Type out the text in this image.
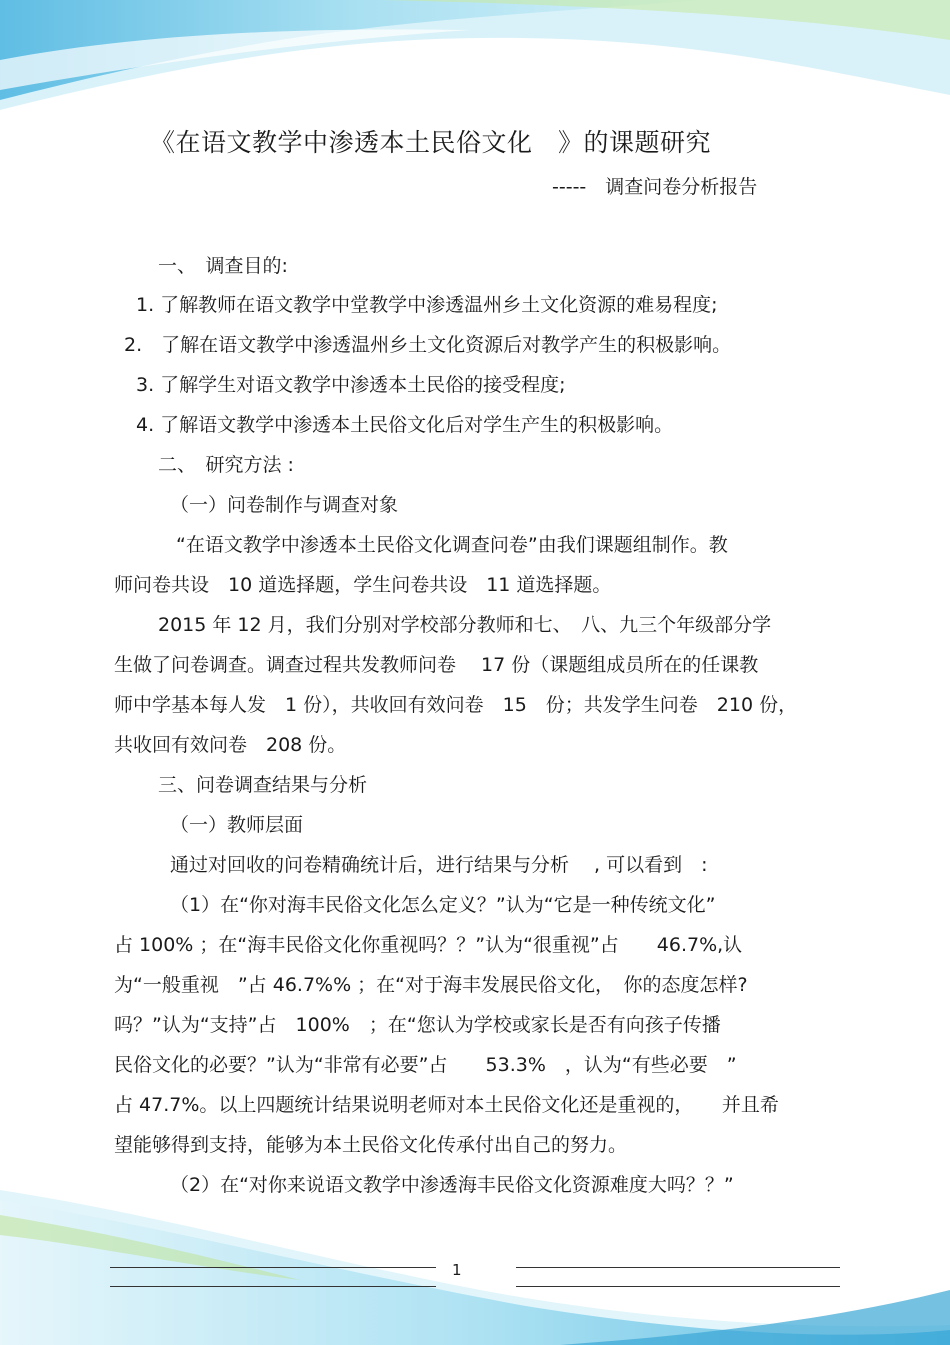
《在语文教学中渗透本土民俗文化　》的课题研究
-----　调查问卷分析报告
一、　调查目的:
1. 了解教师在语文教学中堂教学中渗透温州乡土文化资源的难易程度;
2.　了解在语文教学中渗透温州乡土文化资源后对教学产生的积极影响。
3. 了解学生对语文教学中渗透本土民俗的接受程度;
4. 了解语文教学中渗透本土民俗文化后对学生产生的积极影响。
二、　研究方法 :
（一）问卷制作与调查对象
“在语文教学中渗透本土民俗文化调查问卷”由我们课题组制作。教
师问卷共设　10 道选择题，学生问卷共设　11 道选择题。
2015 年 12 月，我们分别对学校部分教师和七、　八、九三个年级部分学
生做了问卷调查。调查过程共发教师问卷　 17 份（课题组成员所在的任课教
师中学基本每人发　1 份），共收回有效问卷　15　份；共发学生问卷　210 份，
共收回有效问卷　208 份。
三、问卷调查结果与分析
（一）教师层面
通过对回收的问卷精确统计后，进行结果与分析　 , 可以看到　:
（1）在“你对海丰民俗文化怎么定义？”认为“它是一种传统文化”
占 100% ；在“海丰民俗文化你重视吗？？”认为“很重视”占　　46.7%,认
为“一般重视　”占 46.7%% ；在“对于海丰发展民俗文化，　你的态度怎样?
吗？”认为“支持”占　100%　；在“您认为学校或家长是否有向孩子传播
民俗文化的必要？”认为“非常有必要”占　　53.3%　，认为“有些必要　”
占 47.7%。以上四题统计结果说明老师对本土民俗文化还是重视的，　　并且希
望能够得到支持，能够为本土民俗文化传承付出自己的努力。
（2）在“对你来说语文教学中渗透海丰民俗文化资源难度大吗？？”
1
